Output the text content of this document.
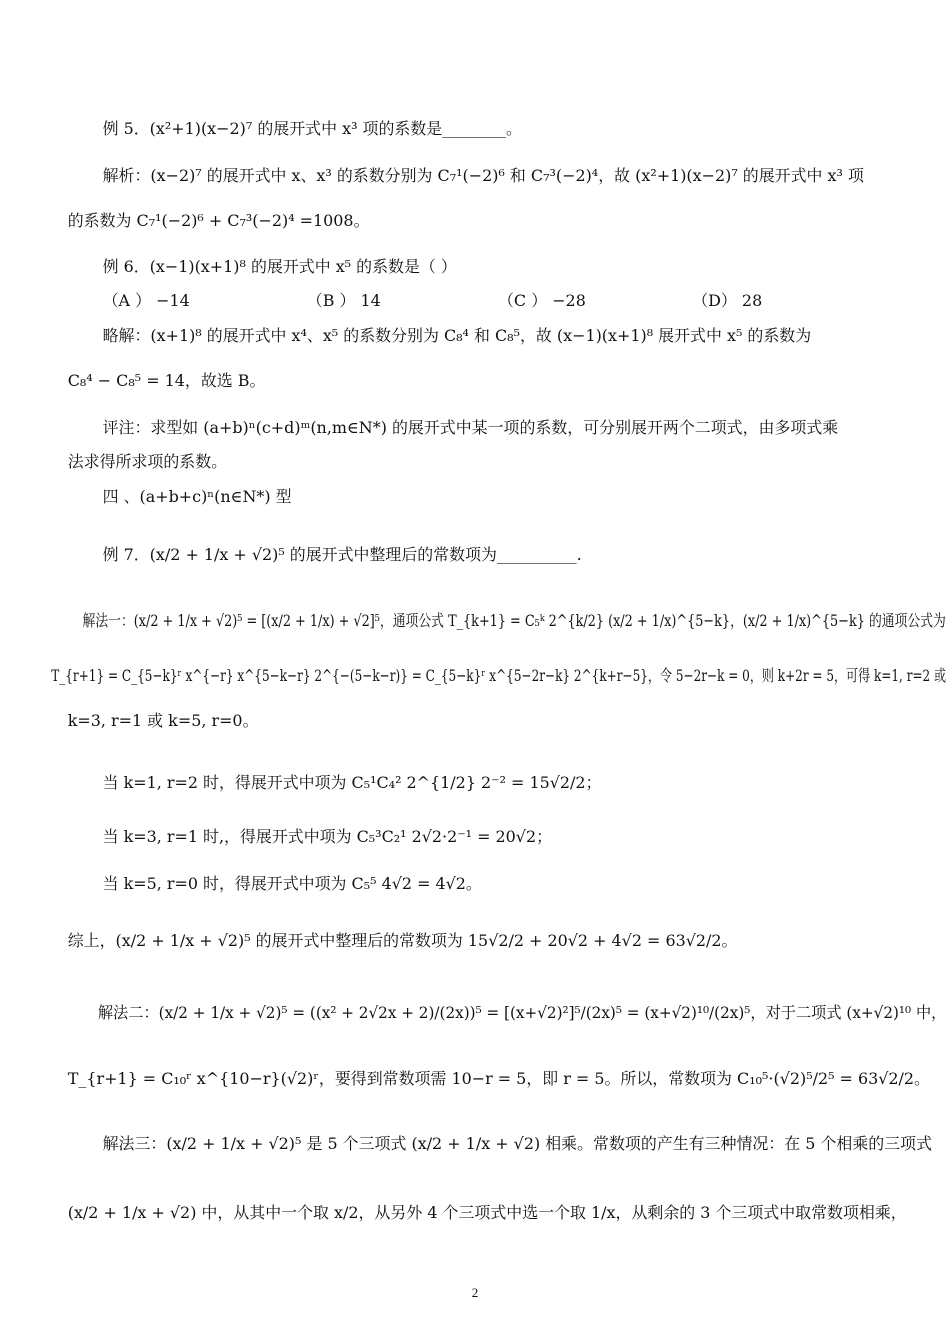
例 5．(x²+1)(x−2)⁷ 的展开式中 x³ 项的系数是________。
解析：(x−2)⁷ 的展开式中 x、x³ 的系数分别为 C₇¹(−2)⁶ 和 C₇³(−2)⁴，故 (x²+1)(x−2)⁷ 的展开式中 x³ 项
的系数为 C₇¹(−2)⁶ + C₇³(−2)⁴ =1008。
例 6．(x−1)(x+1)⁸ 的展开式中 x⁵ 的系数是（ ）
（A ） −14	（B ） 14	（C ） −28	（D） 28
略解：(x+1)⁸ 的展开式中 x⁴、x⁵ 的系数分别为 C₈⁴ 和 C₈⁵，故 (x−1)(x+1)⁸ 展开式中 x⁵ 的系数为
C₈⁴ − C₈⁵ = 14，故选 B。
评注：求型如 (a+b)ⁿ(c+d)ᵐ(n,m∈N*) 的展开式中某一项的系数，可分别展开两个二项式，由多项式乘
法求得所求项的系数。
四 、(a+b+c)ⁿ(n∈N*) 型
例 7．(x/2 + 1/x + √2)⁵ 的展开式中整理后的常数项为__________.
解法一：(x/2 + 1/x + √2)⁵ = [(x/2 + 1/x) + √2]⁵，通项公式 T_{k+1} = C₅ᵏ 2^{k/2} (x/2 + 1/x)^{5−k}，(x/2 + 1/x)^{5−k} 的通项公式为
T_{r+1} = C_{5−k}ʳ x^{−r} x^{5−k−r} 2^{−(5−k−r)} = C_{5−k}ʳ x^{5−2r−k} 2^{k+r−5}，令 5−2r−k = 0，则 k+2r = 5，可得 k=1, r=2 或
k=3, r=1 或 k=5, r=0。
当 k=1, r=2 时，得展开式中项为 C₅¹C₄² 2^{1/2} 2⁻² = 15√2/2；
当 k=3, r=1 时,，得展开式中项为 C₅³C₂¹ 2√2·2⁻¹ = 20√2；
当 k=5, r=0 时，得展开式中项为 C₅⁵ 4√2 = 4√2。
综上，(x/2 + 1/x + √2)⁵ 的展开式中整理后的常数项为 15√2/2 + 20√2 + 4√2 = 63√2/2。
解法二：(x/2 + 1/x + √2)⁵ = ((x² + 2√2x + 2)/(2x))⁵ = [(x+√2)²]⁵/(2x)⁵ = (x+√2)¹⁰/(2x)⁵，对于二项式 (x+√2)¹⁰ 中，
T_{r+1} = C₁₀ʳ x^{10−r}(√2)ʳ，要得到常数项需 10−r = 5，即 r = 5。所以，常数项为 C₁₀⁵·(√2)⁵/2⁵ = 63√2/2。
解法三：(x/2 + 1/x + √2)⁵ 是 5 个三项式 (x/2 + 1/x + √2) 相乘。常数项的产生有三种情况：在 5 个相乘的三项式
(x/2 + 1/x + √2) 中，从其中一个取 x/2，从另外 4 个三项式中选一个取 1/x，从剩余的 3 个三项式中取常数项相乘，
2
